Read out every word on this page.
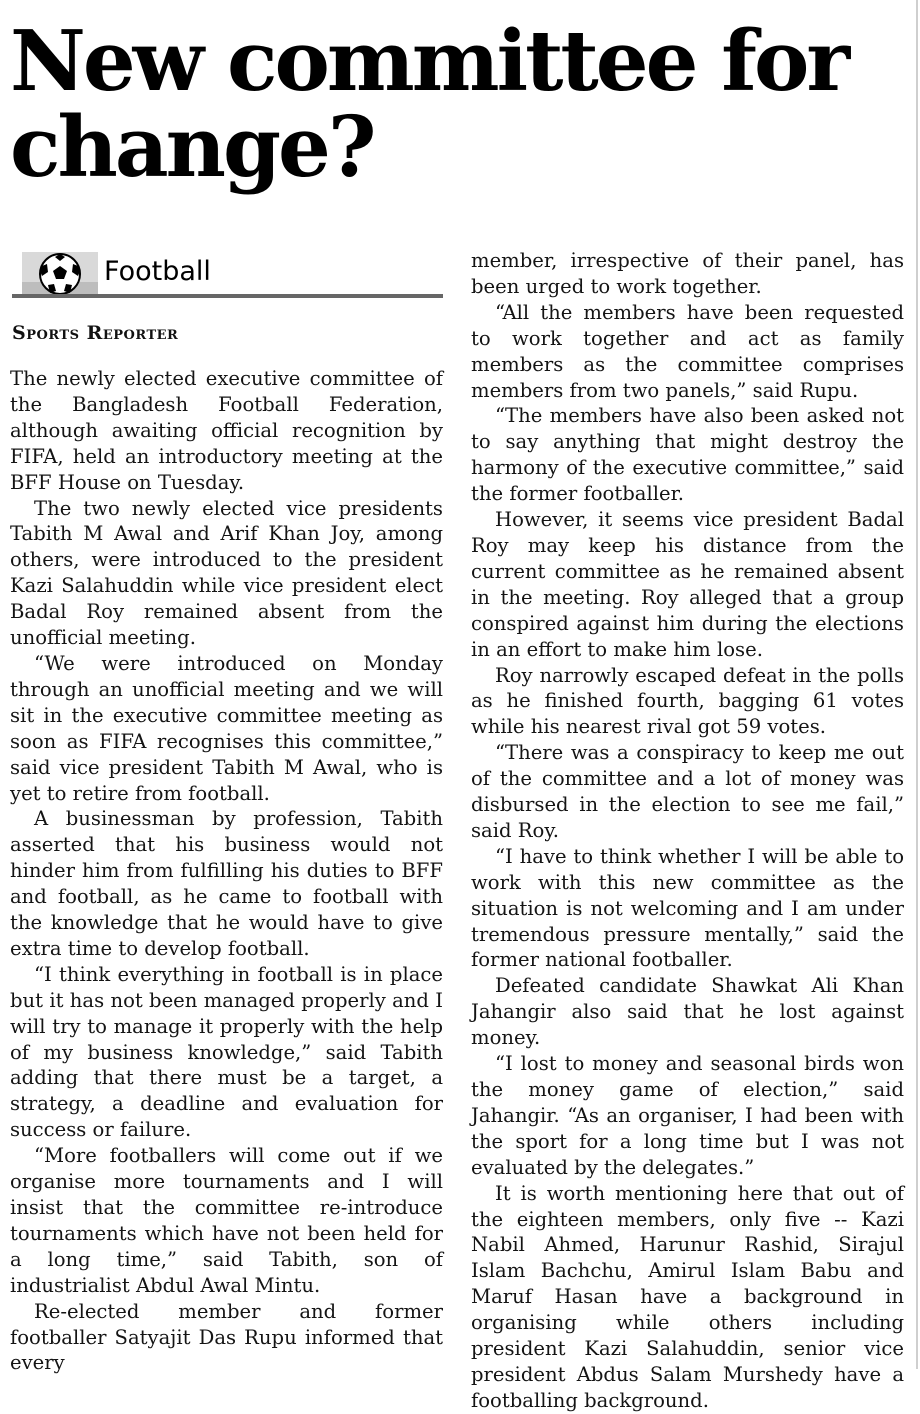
New committee for change?
Football
Sports Reporter

The newly elected executive committee of the Bangladesh Football Federation, although awaiting official recognition by FIFA, held an introductory meeting at the BFF House on Tuesday.

The two newly elected vice presidents Tabith M Awal and Arif Khan Joy, among others, were introduced to the president Kazi Salahuddin while vice president elect Badal Roy remained absent from the unofficial meeting.

“We were introduced on Monday through an unofficial meeting and we will sit in the executive committee meeting as soon as FIFA recognises this committee,” said vice president Tabith M Awal, who is yet to retire from football.

A businessman by profession, Tabith asserted that his business would not hinder him from fulfilling his duties to BFF and football, as he came to football with the knowledge that he would have to give extra time to develop football.

“I think everything in football is in place but it has not been managed properly and I will try to manage it properly with the help of my business knowledge,” said Tabith adding that there must be a target, a strategy, a deadline and evaluation for success or failure.

“More footballers will come out if we organise more tournaments and I will insist that the committee re-introduce tournaments which have not been held for a long time,” said Tabith, son of industrialist Abdul Awal Mintu.

Re-elected member and former footballer Satyajit Das Rupu informed that every

member, irrespective of their panel, has been urged to work together.

“All the members have been requested to work together and act as family members as the committee comprises members from two panels,” said Rupu.

“The members have also been asked not to say anything that might destroy the harmony of the executive committee,” said the former footballer.

However, it seems vice president Badal Roy may keep his distance from the current committee as he remained absent in the meeting. Roy alleged that a group conspired against him during the elections in an effort to make him lose.

Roy narrowly escaped defeat in the polls as he finished fourth, bagging 61 votes while his nearest rival got 59 votes.

“There was a conspiracy to keep me out of the committee and a lot of money was disbursed in the election to see me fail,” said Roy.

“I have to think whether I will be able to work with this new committee as the situation is not welcoming and I am under tremendous pressure mentally,” said the former national footballer.

Defeated candidate Shawkat Ali Khan Jahangir also said that he lost against money.

“I lost to money and seasonal birds won the money game of election,” said Jahangir. “As an organiser, I had been with the sport for a long time but I was not evaluated by the delegates.”

It is worth mentioning here that out of the eighteen members, only five -- Kazi Nabil Ahmed, Harunur Rashid, Sirajul Islam Bachchu, Amirul Islam Babu and Maruf Hasan have a background in organising while others including president Kazi Salahuddin, senior vice president Abdus Salam Murshedy have a footballing background.
